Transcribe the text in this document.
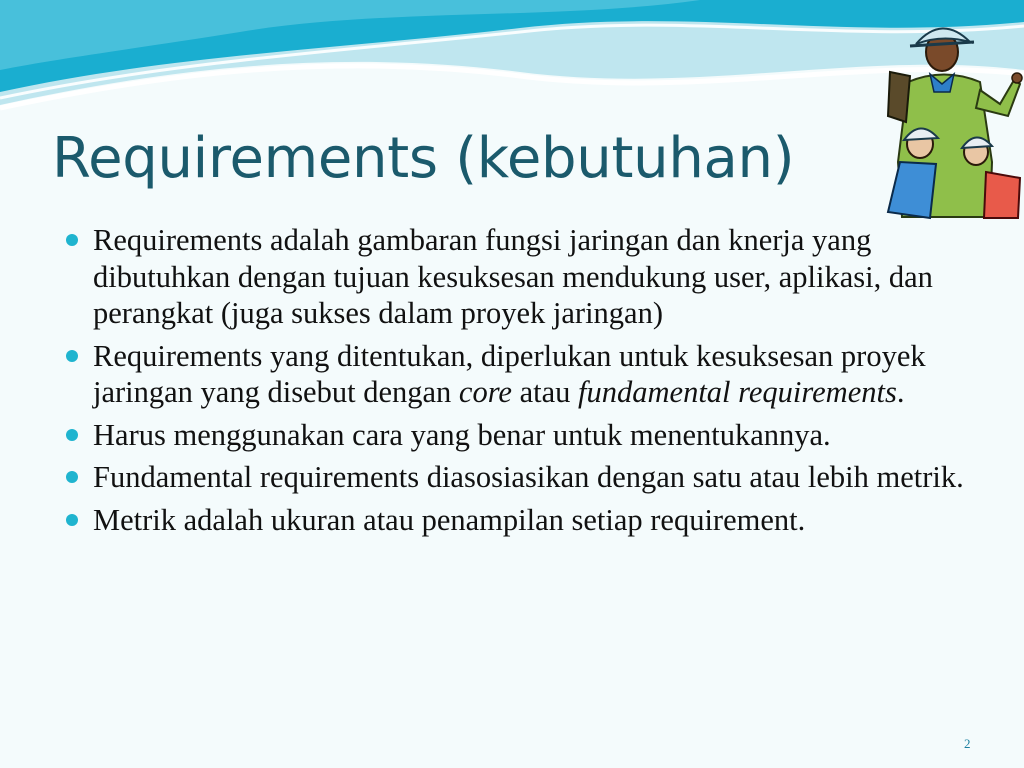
Requirements (kebutuhan)
Requirements adalah gambaran fungsi jaringan dan knerja yang dibutuhkan dengan tujuan kesuksesan mendukung user, aplikasi, dan perangkat (juga sukses dalam proyek jaringan)
Requirements yang ditentukan, diperlukan untuk kesuksesan proyek jaringan yang disebut dengan core atau fundamental requirements.
Harus menggunakan cara yang benar untuk menentukannya.
Fundamental requirements diasosiasikan dengan satu atau lebih metrik.
Metrik adalah ukuran atau penampilan setiap requirement.
2
